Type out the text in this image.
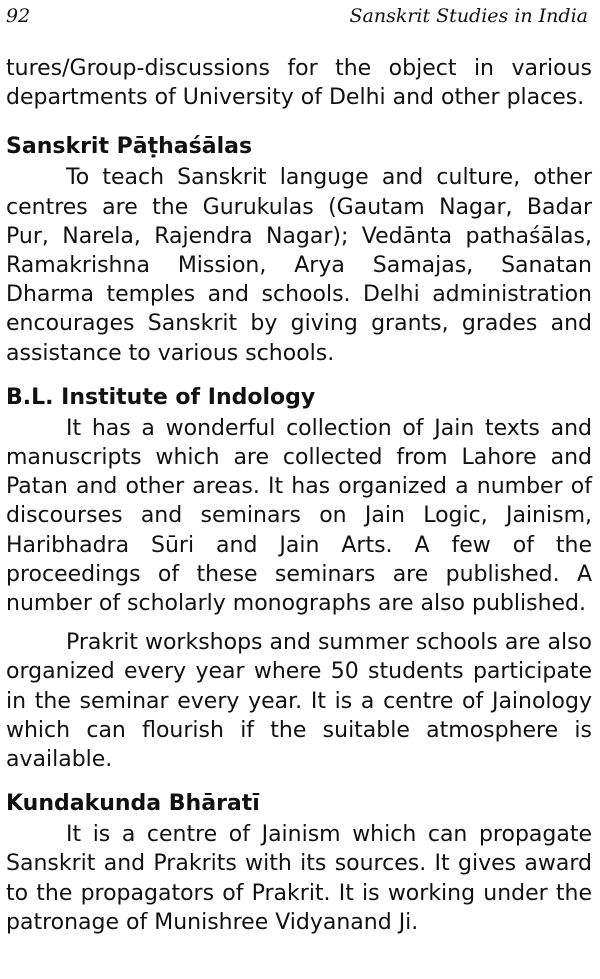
92	Sanskrit Studies in India

tures/Group-discussions for the object in various departments of University of Delhi and other places.

Sanskrit Pāṭhaśālas

To teach Sanskrit languge and culture, other centres are the Gurukulas (Gautam Nagar, Badar Pur, Narela, Rajendra Nagar); Vedānta pathaśālas, Ramakrishna Mission, Arya Samajas, Sanatan Dharma temples and schools. Delhi administration encourages Sanskrit by giving grants, grades and assistance to various schools.

B.L. Institute of Indology

It has a wonderful collection of Jain texts and manuscripts which are collected from Lahore and Patan and other areas. It has organized a number of discourses and seminars on Jain Logic, Jainism, Haribhadra Sūri and Jain Arts. A few of the proceedings of these seminars are published. A number of scholarly monographs are also published.

Prakrit workshops and summer schools are also organized every year where 50 students participate in the seminar every year. It is a centre of Jainology which can flourish if the suitable atmosphere is available.

Kundakunda Bhāratī

It is a centre of Jainism which can propagate Sanskrit and Prakrits with its sources. It gives award to the propagators of Prakrit. It is working under the patronage of Munishree Vidyanand Ji.
